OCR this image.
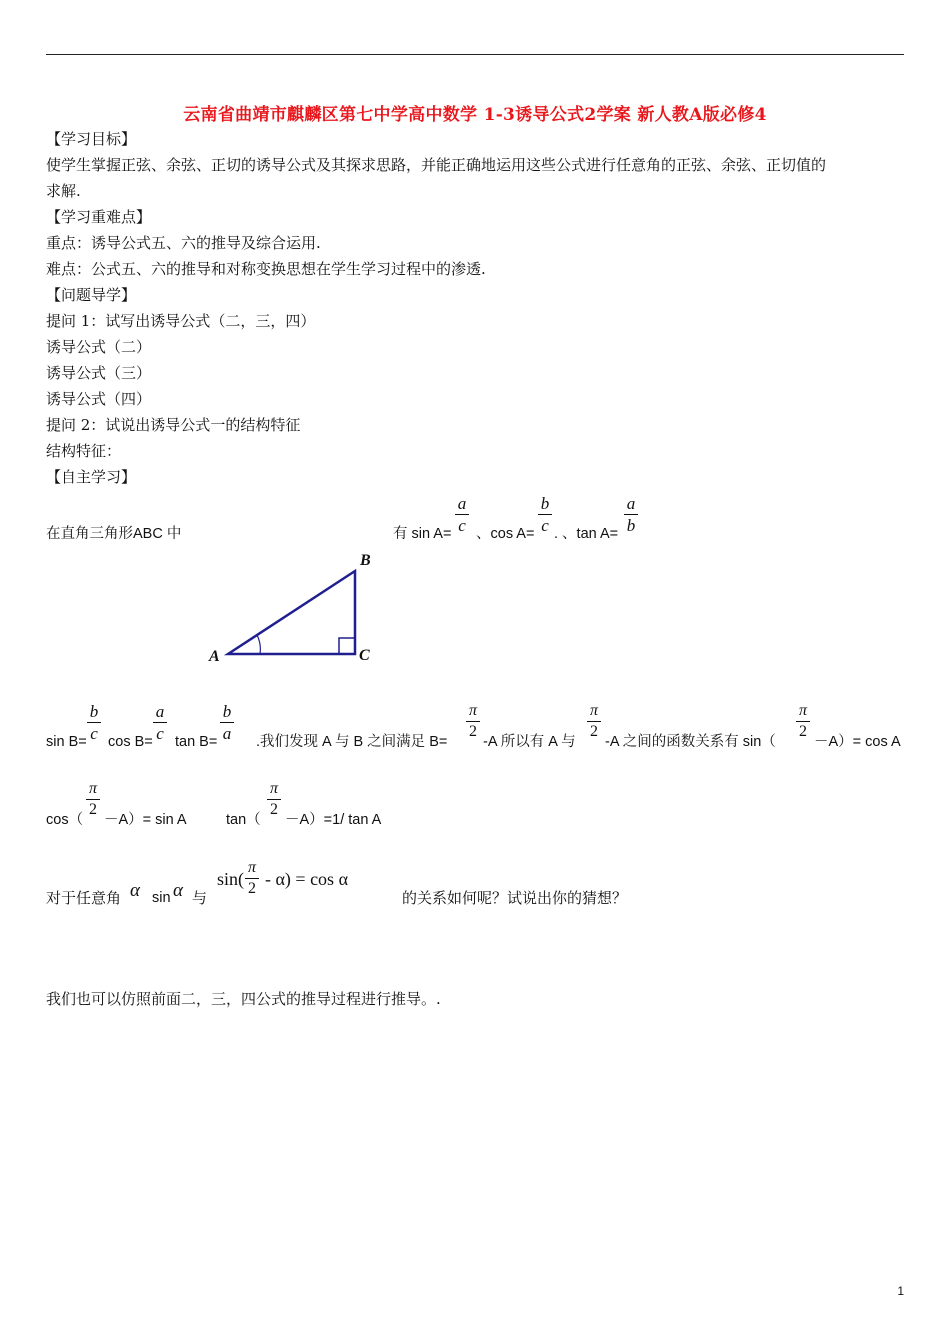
云南省曲靖市麒麟区第七中学高中数学 1-3诱导公式2学案 新人教A版必修4
【学习目标】
使学生掌握正弦、余弦、正切的诱导公式及其探求思路，并能正确地运用这些公式进行任意角的正弦、余弦、正切值的
求解.
【学习重难点】
重点：诱导公式五、六的推导及综合运用.
难点：公式五、六的推导和对称变换思想在学生学习过程中的渗透.
【问题导学】
提问 1：试写出诱导公式（二，三，四）
诱导公式（二）
诱导公式（三）
诱导公式（四）
提问 2：试说出诱导公式一的结构特征
结构特征：
【自主学习】
在直角三角形ABC 中	有 sin A=
a
c 、cos A=
b
c . 、tan A=
a
b
B
A	C
sin B=
b
c cos B=
a
c tan B=
b
a .我们发现 A 与 B 之间满足 B=
π
2
-A 所以有 A 与
π
2
-A 之间的函数关系有 sin（
π
2
－A）= cos A
cos（
π
2
－A）= sin A	tan（
π
2
－A）=1/ tan A
对于任意角 α sin α 与
sin(
π
2 - α) = cos α
的关系如何呢？试说出你的猜想？
我们也可以仿照前面二，三，四公式的推导过程进行推导。.
1
